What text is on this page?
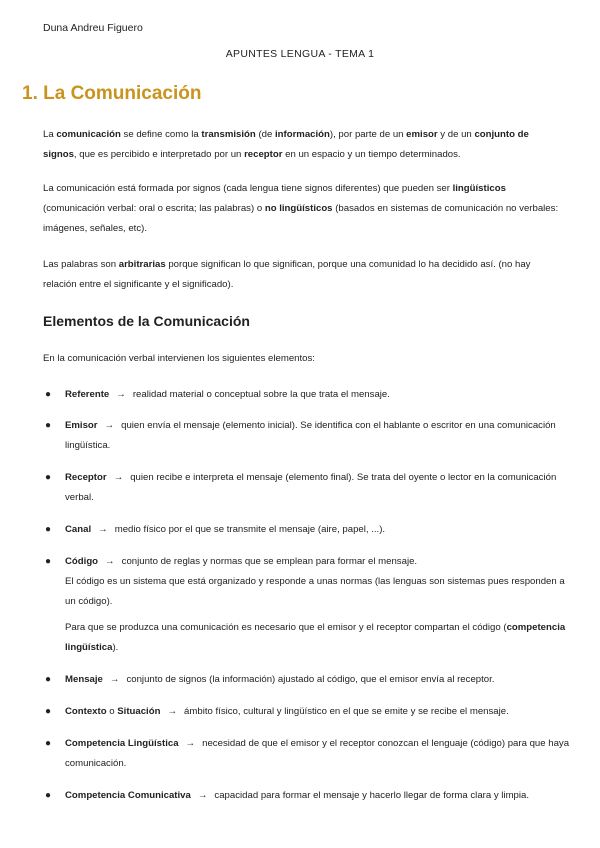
Duna Andreu Figuero
APUNTES LENGUA - TEMA 1
1. La Comunicación
La comunicación se define como la transmisión (de información), por parte de un emisor y de un conjunto de signos, que es percibido e interpretado por un receptor en un espacio y un tiempo determinados.
La comunicación está formada por signos (cada lengua tiene signos diferentes) que pueden ser lingüísticos (comunicación verbal: oral o escrita; las palabras) o no lingüísticos (basados en sistemas de comunicación no verbales: imágenes, señales, etc).
Las palabras son arbitrarias porque significan lo que significan, porque una comunidad lo ha decidido así. (no hay relación entre el significante y el significado).
Elementos de la Comunicación
En la comunicación verbal intervienen los siguientes elementos:
● Referente → realidad material o conceptual sobre la que trata el mensaje.
● Emisor → quien envía el mensaje (elemento inicial). Se identifica con el hablante o escritor en una comunicación lingüística.
● Receptor → quien recibe e interpreta el mensaje (elemento final). Se trata del oyente o lector en la comunicación verbal.
● Canal → medio físico por el que se transmite el mensaje (aire, papel, ...).
● Código → conjunto de reglas y normas que se emplean para formar el mensaje.
El código es un sistema que está organizado y responde a unas normas (las lenguas son sistemas pues responden a un código).
Para que se produzca una comunicación es necesario que el emisor y el receptor compartan el código (competencia lingüística).
● Mensaje → conjunto de signos (la información) ajustado al código, que el emisor envía al receptor.
● Contexto o Situación → ámbito físico, cultural y lingüístico en el que se emite y se recibe el mensaje.
● Competencia Lingüística → necesidad de que el emisor y el receptor conozcan el lenguaje (código) para que haya comunicación.
● Competencia Comunicativa → capacidad para formar el mensaje y hacerlo llegar de forma clara y limpia.
